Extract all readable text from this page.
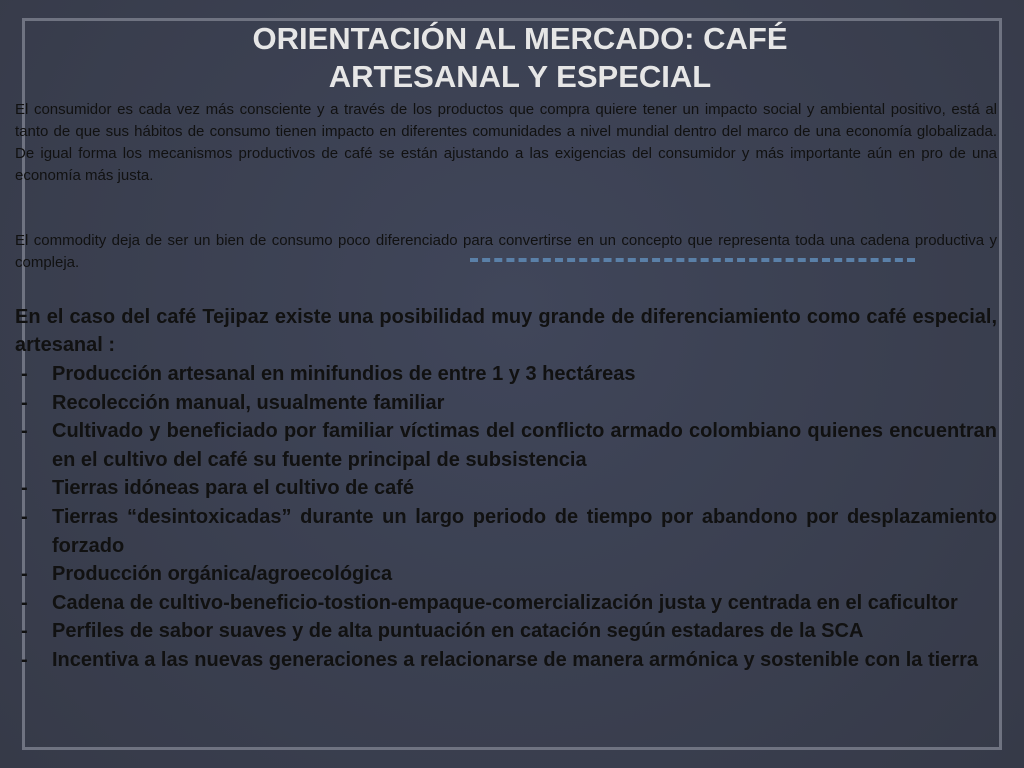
ORIENTACIÓN AL MERCADO: CAFÉ
ARTESANAL Y ESPECIAL

El consumidor es cada vez más consciente y a través de los productos que compra quiere tener un impacto social y ambiental positivo, está al tanto de que sus hábitos de consumo tienen impacto en diferentes comunidades a nivel mundial dentro del marco de una economía globalizada. De igual forma los mecanismos productivos de café se están ajustando a las exigencias del consumidor y más importante aún en pro de una economía más justa.

El commodity deja de ser un bien de consumo poco diferenciado para convertirse en un concepto que representa toda una cadena productiva y compleja.

En el caso del café Tejipaz existe una posibilidad muy grande de diferenciamiento como café especial, artesanal :

- Producción artesanal en minifundios de entre 1 y 3 hectáreas
- Recolección manual, usualmente familiar
- Cultivado y beneficiado por familiar víctimas del conflicto armado colombiano quienes encuentran en el cultivo del café su fuente principal de subsistencia
- Tierras idóneas para el cultivo de café
- Tierras “desintoxicadas” durante un largo periodo de tiempo por abandono por desplazamiento forzado
- Producción orgánica/agroecológica
- Cadena de cultivo-beneficio-tostion-empaque-comercialización justa y centrada en el caficultor
- Perfiles de sabor suaves y de alta puntuación en catación según estadares de la SCA
- Incentiva a las nuevas generaciones a relacionarse de manera armónica y sostenible con la tierra
